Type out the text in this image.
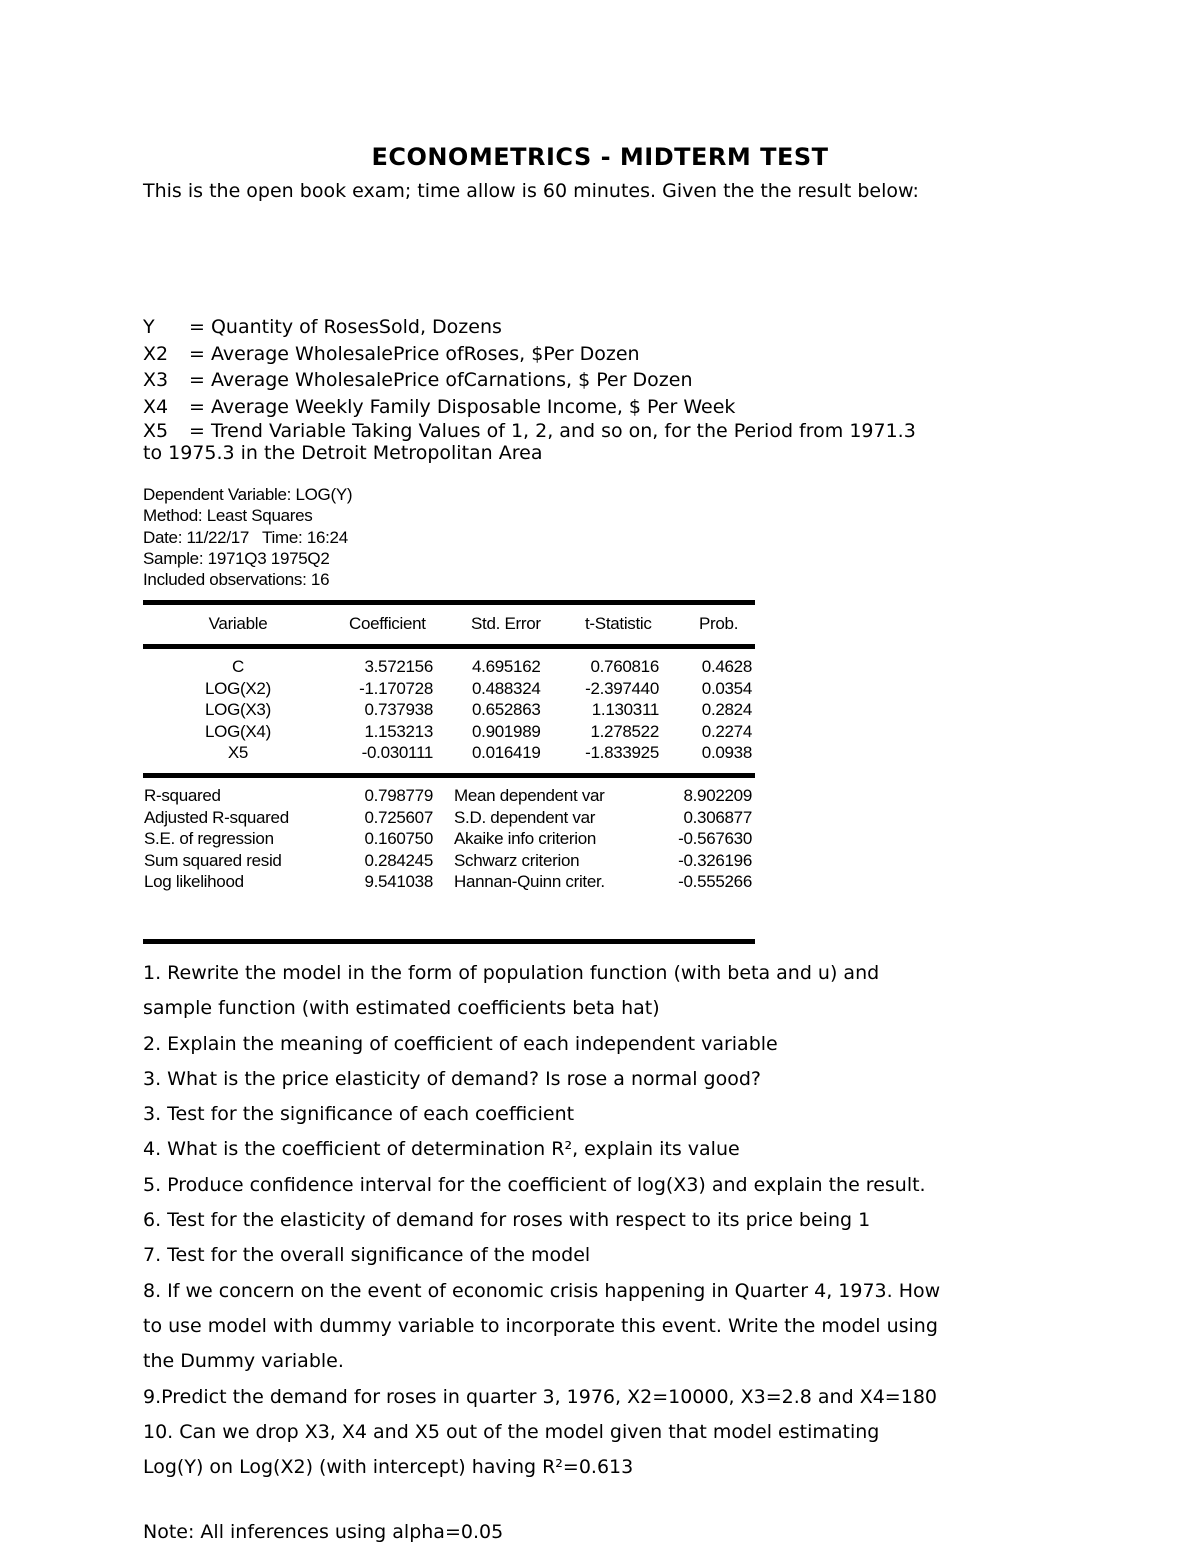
ECONOMETRICS - MIDTERM TEST
This is the open book exam; time allow is 60 minutes. Given the the result below:
Y	= Quantity of RosesSold, Dozens
X2	= Average WholesalePrice ofRoses, $Per Dozen
X3	= Average WholesalePrice ofCarnations, $ Per Dozen
X4	= Average Weekly Family Disposable Income, $ Per Week
X5	= Trend Variable Taking Values of 1, 2, and so on, for the Period from 1971.3
to 1975.3 in the Detroit Metropolitan Area
Dependent Variable: LOG(Y)
Method: Least Squares
Date: 11/22/17   Time: 16:24
Sample: 1971Q3 1975Q2
Included observations: 16
Variable	Coefficient	Std. Error	t-Statistic	Prob.
C	3.572156 4.695162	0.760816	0.4628
LOG(X2)	-1.170728 0.488324	-2.397440	0.0354
LOG(X3)	0.737938 0.652863	1.130311	0.2824
LOG(X4)	1.153213 0.901989	1.278522	0.2274
X5	-0.030111 0.016419	-1.833925	0.0938
R-squared	0.798779 Mean dependent var	8.902209
Adjusted R-squared	0.725607 S.D. dependent var	0.306877
S.E. of regression	0.160750 Akaike info criterion	-0.567630
Sum squared resid	0.284245 Schwarz criterion	-0.326196
Log likelihood	9.541038 Hannan-Quinn criter.	-0.555266
1. Rewrite the model in the form of population function (with beta and u) and
sample function (with estimated coefficients beta hat)
2. Explain the meaning of coefficient of each independent variable
3. What is the price elasticity of demand? Is rose a normal good?
3. Test for the significance of each coefficient
4. What is the coefficient of determination R², explain its value
5. Produce confidence interval for the coefficient of log(X3) and explain the result.
6. Test for the elasticity of demand for roses with respect to its price being 1
7. Test for the overall significance of the model
8. If we concern on the event of economic crisis happening in Quarter 4, 1973. How
to use model with dummy variable to incorporate this event. Write the model using
the Dummy variable.
9.Predict the demand for roses in quarter 3, 1976, X2=10000, X3=2.8 and X4=180
10. Can we drop X3, X4 and X5 out of the model given that model estimating
Log(Y) on Log(X2) (with intercept) having R²=0.613
Note: All inferences using alpha=0.05
